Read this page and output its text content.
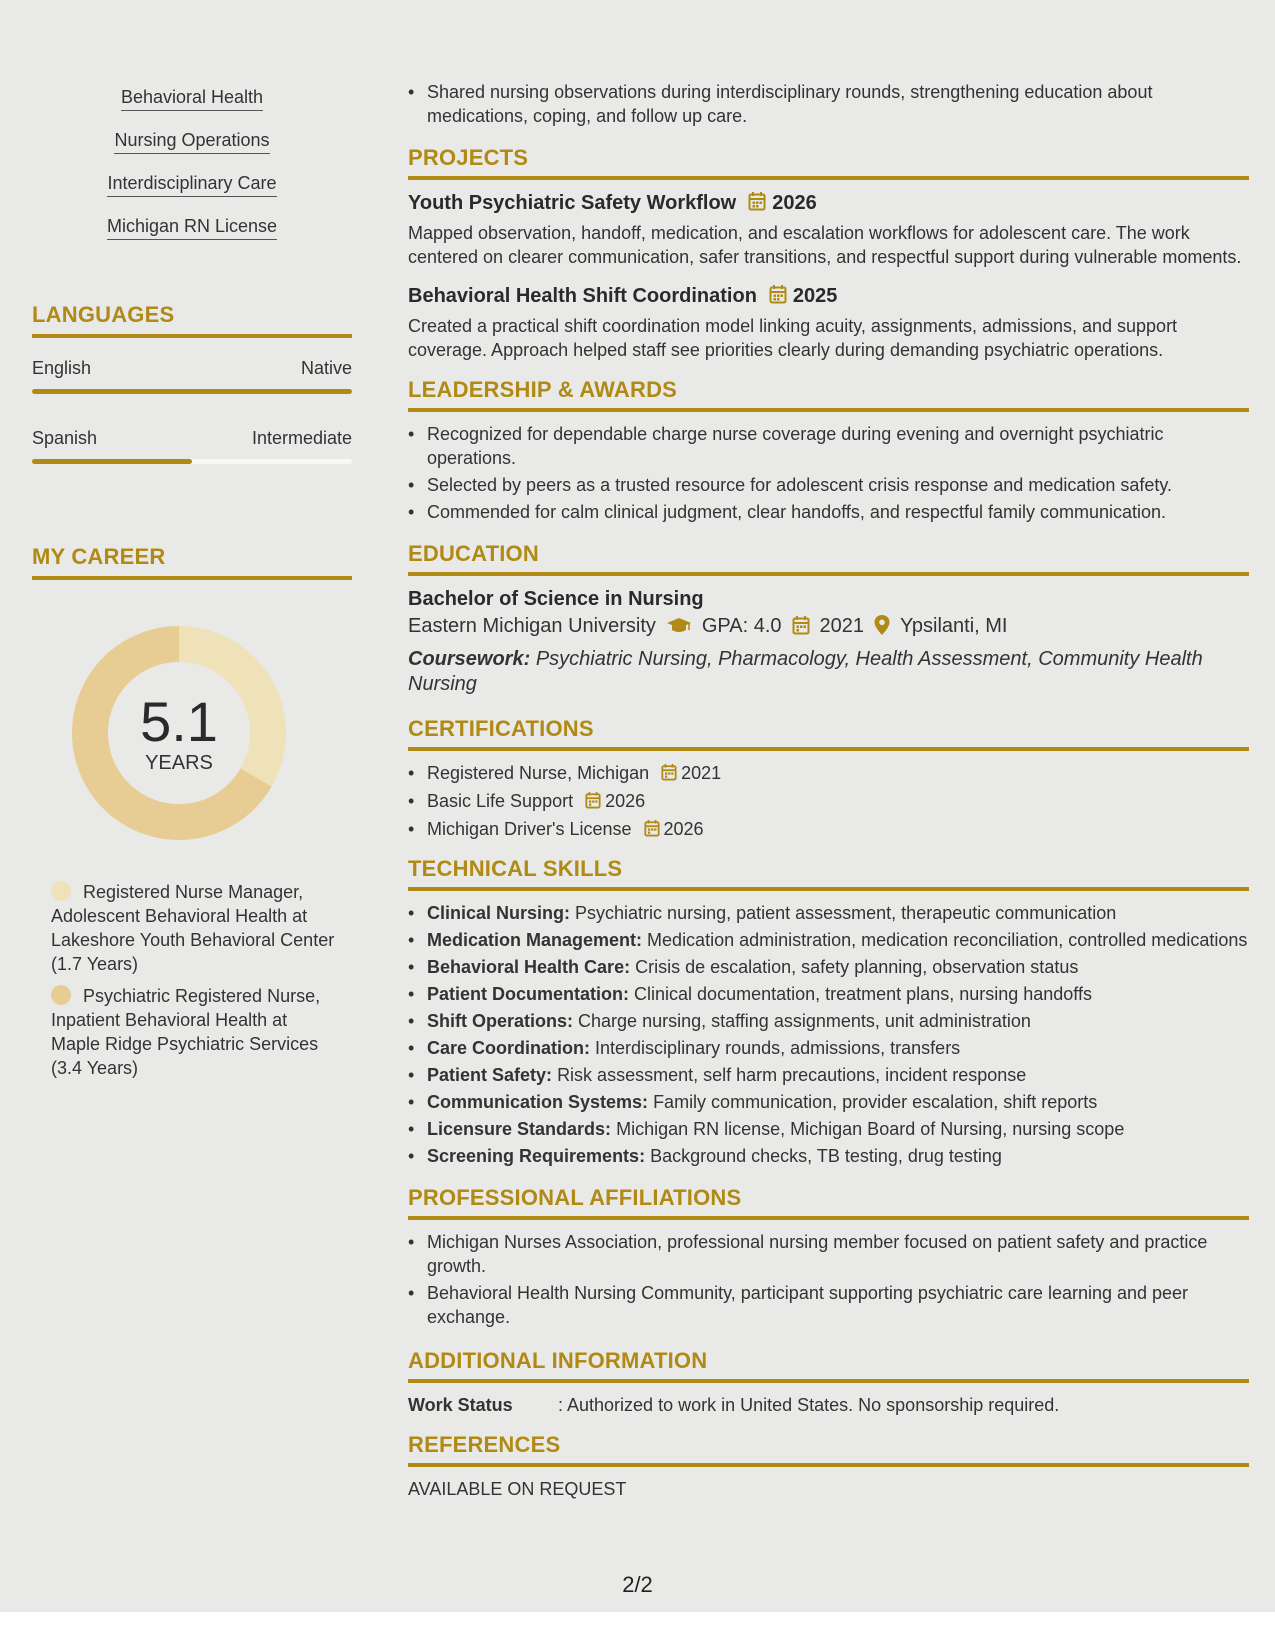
Behavioral Health
Nursing Operations
Interdisciplinary Care
Michigan RN License
LANGUAGES
English	Native
Spanish	Intermediate
MY CAREER
5.1
YEARS
Registered Nurse Manager, Adolescent Behavioral Health at Lakeshore Youth Behavioral Center (1.7 Years)
Psychiatric Registered Nurse, Inpatient Behavioral Health at Maple Ridge Psychiatric Services (3.4 Years)
• Shared nursing observations during interdisciplinary rounds, strengthening education about medications, coping, and follow up care.
PROJECTS
Youth Psychiatric Safety Workflow 2026
Mapped observation, handoff, medication, and escalation workflows for adolescent care. The work centered on clearer communication, safer transitions, and respectful support during vulnerable moments.
Behavioral Health Shift Coordination 2025
Created a practical shift coordination model linking acuity, assignments, admissions, and support coverage. Approach helped staff see priorities clearly during demanding psychiatric operations.
LEADERSHIP & AWARDS
• Recognized for dependable charge nurse coverage during evening and overnight psychiatric operations.
• Selected by peers as a trusted resource for adolescent crisis response and medication safety.
• Commended for calm clinical judgment, clear handoffs, and respectful family communication.
EDUCATION
Bachelor of Science in Nursing
Eastern Michigan University GPA: 4.0 2021 Ypsilanti, MI
Coursework: Psychiatric Nursing, Pharmacology, Health Assessment, Community Health Nursing
CERTIFICATIONS
• Registered Nurse, Michigan 2021
• Basic Life Support 2026
• Michigan Driver's License 2026
TECHNICAL SKILLS
• Clinical Nursing: Psychiatric nursing, patient assessment, therapeutic communication
• Medication Management: Medication administration, medication reconciliation, controlled medications
• Behavioral Health Care: Crisis de escalation, safety planning, observation status
• Patient Documentation: Clinical documentation, treatment plans, nursing handoffs
• Shift Operations: Charge nursing, staffing assignments, unit administration
• Care Coordination: Interdisciplinary rounds, admissions, transfers
• Patient Safety: Risk assessment, self harm precautions, incident response
• Communication Systems: Family communication, provider escalation, shift reports
• Licensure Standards: Michigan RN license, Michigan Board of Nursing, nursing scope
• Screening Requirements: Background checks, TB testing, drug testing
PROFESSIONAL AFFILIATIONS
• Michigan Nurses Association, professional nursing member focused on patient safety and practice growth.
• Behavioral Health Nursing Community, participant supporting psychiatric care learning and peer exchange.
ADDITIONAL INFORMATION
Work Status	: Authorized to work in United States. No sponsorship required.
REFERENCES
AVAILABLE ON REQUEST
2/2
